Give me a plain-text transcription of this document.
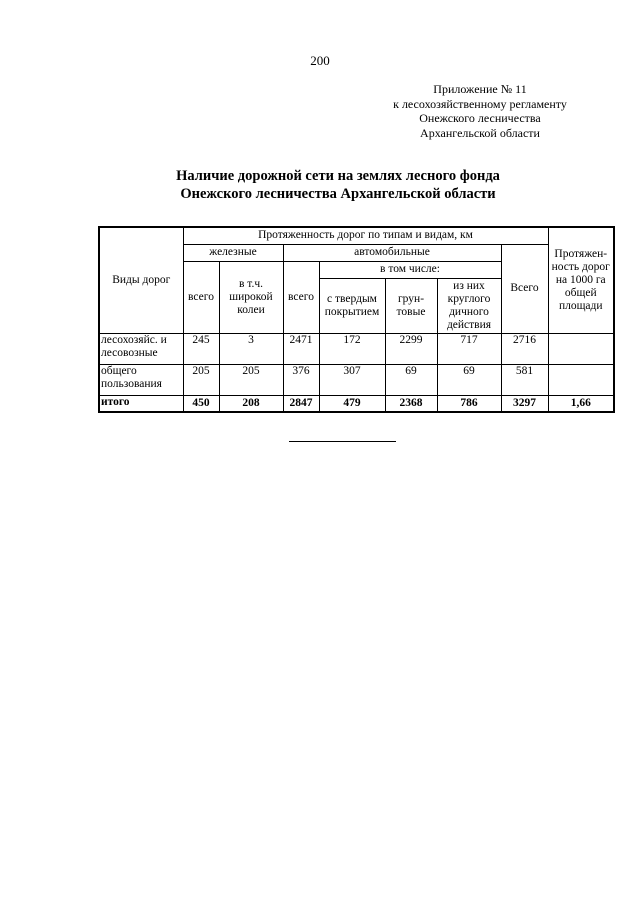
200
Приложение № 11
к лесохозяйственному регламенту
Онежского лесничества
Архангельской области
Наличие дорожной сети на землях лесного фонда
Онежского лесничества Архангельской области
Виды дорог	Протяженность дорог по типам и видам, км							Протяжен-ность дорог на 1000 га общей площади
	железные		автомобильные				Всего	
	всего	в т.ч. широкой колеи	всего	в том числе:				
				с твердым покрытием	грун-товые	из них круглого дичного действия		
лесохозяйс. и лесовозные	245	3	2471	172	2299	717	2716	
общего пользования	205	205	376	307	69	69	581	
итого	450	208	2847	479	2368	786	3297	1,66
